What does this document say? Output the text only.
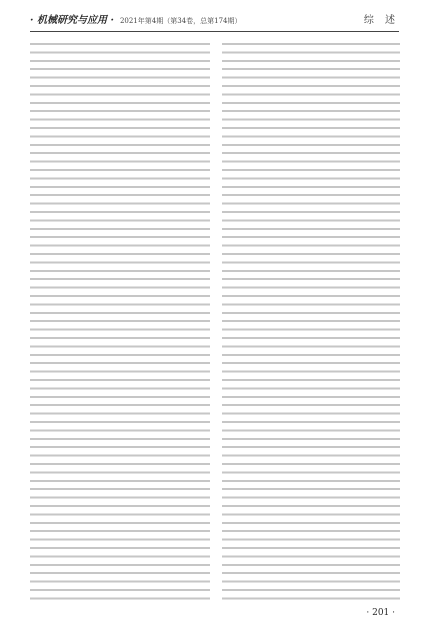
· 机械研究与应用 · 2021年第4期（第34卷，总第174期）	综 述
· 201 ·
